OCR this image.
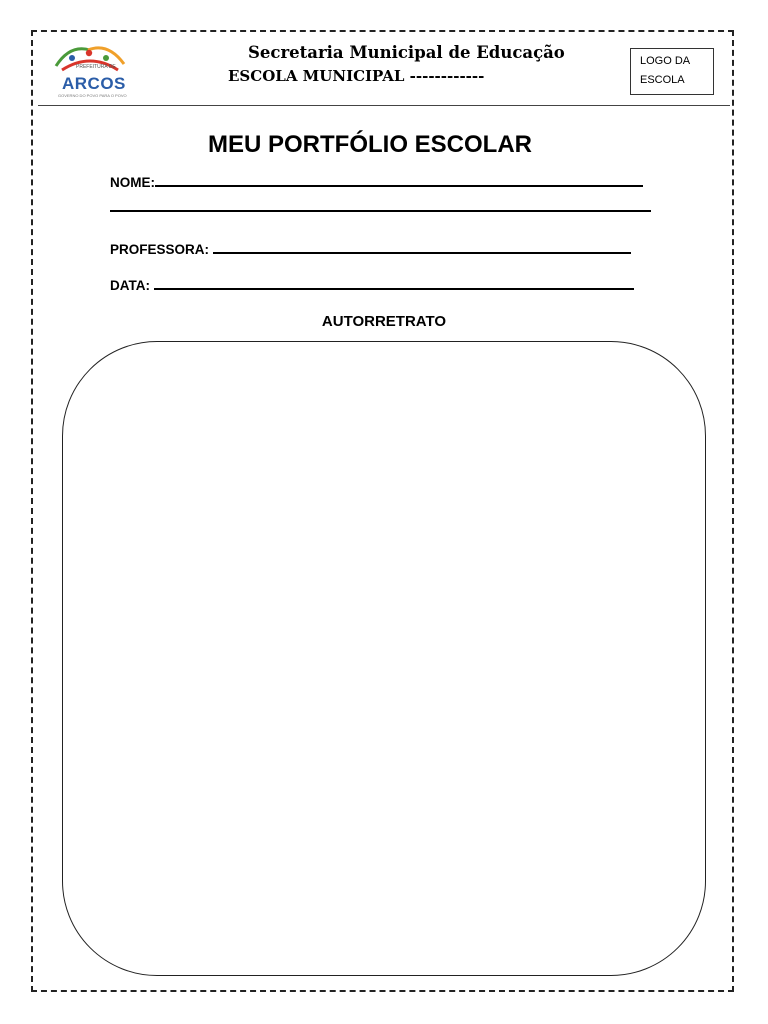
PREFEITURA DE
ARCOS
GOVERNO DO POVO PARA O POVO
Secretaria Municipal de Educação
ESCOLA MUNICIPAL ------------
LOGO DA
ESCOLA
MEU PORTFÓLIO ESCOLAR
NOME:
PROFESSORA:
DATA:
AUTORRETRATO
